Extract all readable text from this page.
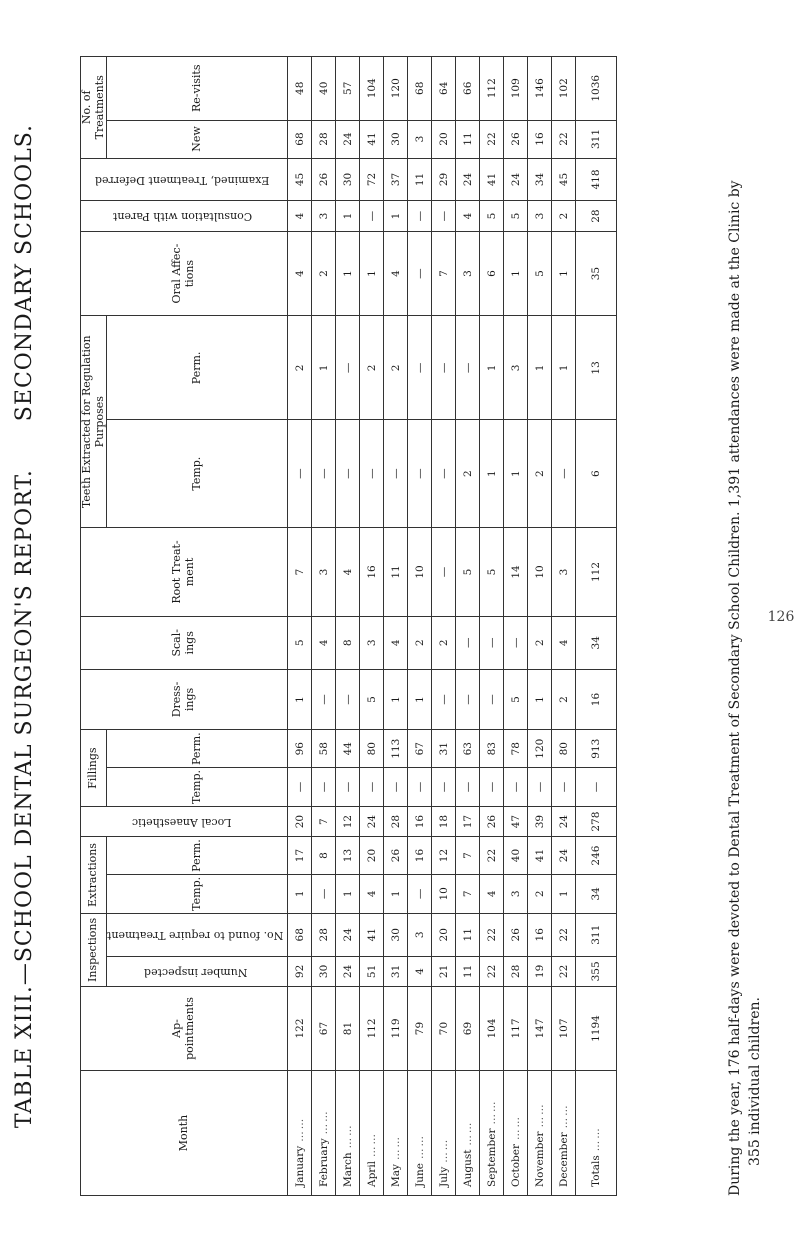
TABLE XIII.—SCHOOL DENTAL SURGEON'S REPORT. SECONDARY SCHOOLS.
Month	Ap-pointments	Inspections		Extractions		Local Anaesthetic	Fillings		Dress-ings	Scal-ings	Root Treat-ment	Teeth Extracted for Regulation Purposes		Oral Affec-tions	Consultation with Parent	Examined, Treatment Deferred	No. of Treatments	
		Number inspected	No. found to require Treatment	Temp.	Perm.		Temp.	Perm.				Temp.	Perm.				New	Re-visits
January……	122	92	68	1	17	20	—	96	1	5	7	—	2	4	4	45	68	48
February……	67	30	28	—	8	7	—	58	—	4	3	—	1	2	3	26	28	40
March……	81	24	24	1	13	12	—	44	—	8	4	—	—	1	1	30	24	57
April……	112	51	41	4	20	24	—	80	5	3	16	—	2	1	—	72	41	104
May……	119	31	30	1	26	28	—	113	1	4	11	—	2	4	1	37	30	120
June……	79	4	3	—	16	16	—	67	1	2	10	—	—	—	—	11	3	68
July……	70	21	20	10	12	18	—	31	—	2	—	—	—	7	—	29	20	64
August……	69	11	11	7	7	17	—	63	—	—	5	2	—	3	4	24	11	66
September……	104	22	22	4	22	26	—	83	—	—	5	1	1	6	5	41	22	112
October……	117	28	26	3	40	47	—	78	5	—	14	1	3	1	5	24	26	109
November……	147	19	16	2	41	39	—	120	1	2	10	2	1	5	3	34	16	146
December……	107	22	22	1	24	24	—	80	2	4	3	—	1	1	2	45	22	102
Totals……	1194	355	311	34	246	278	—	913	16	34	112	6	13	35	28	418	311	1036
During the year, 176 half-days were devoted to Dental Treatment of Secondary School Children. 1,391 attendances were made at the Clinic by 355 individual children.
126
